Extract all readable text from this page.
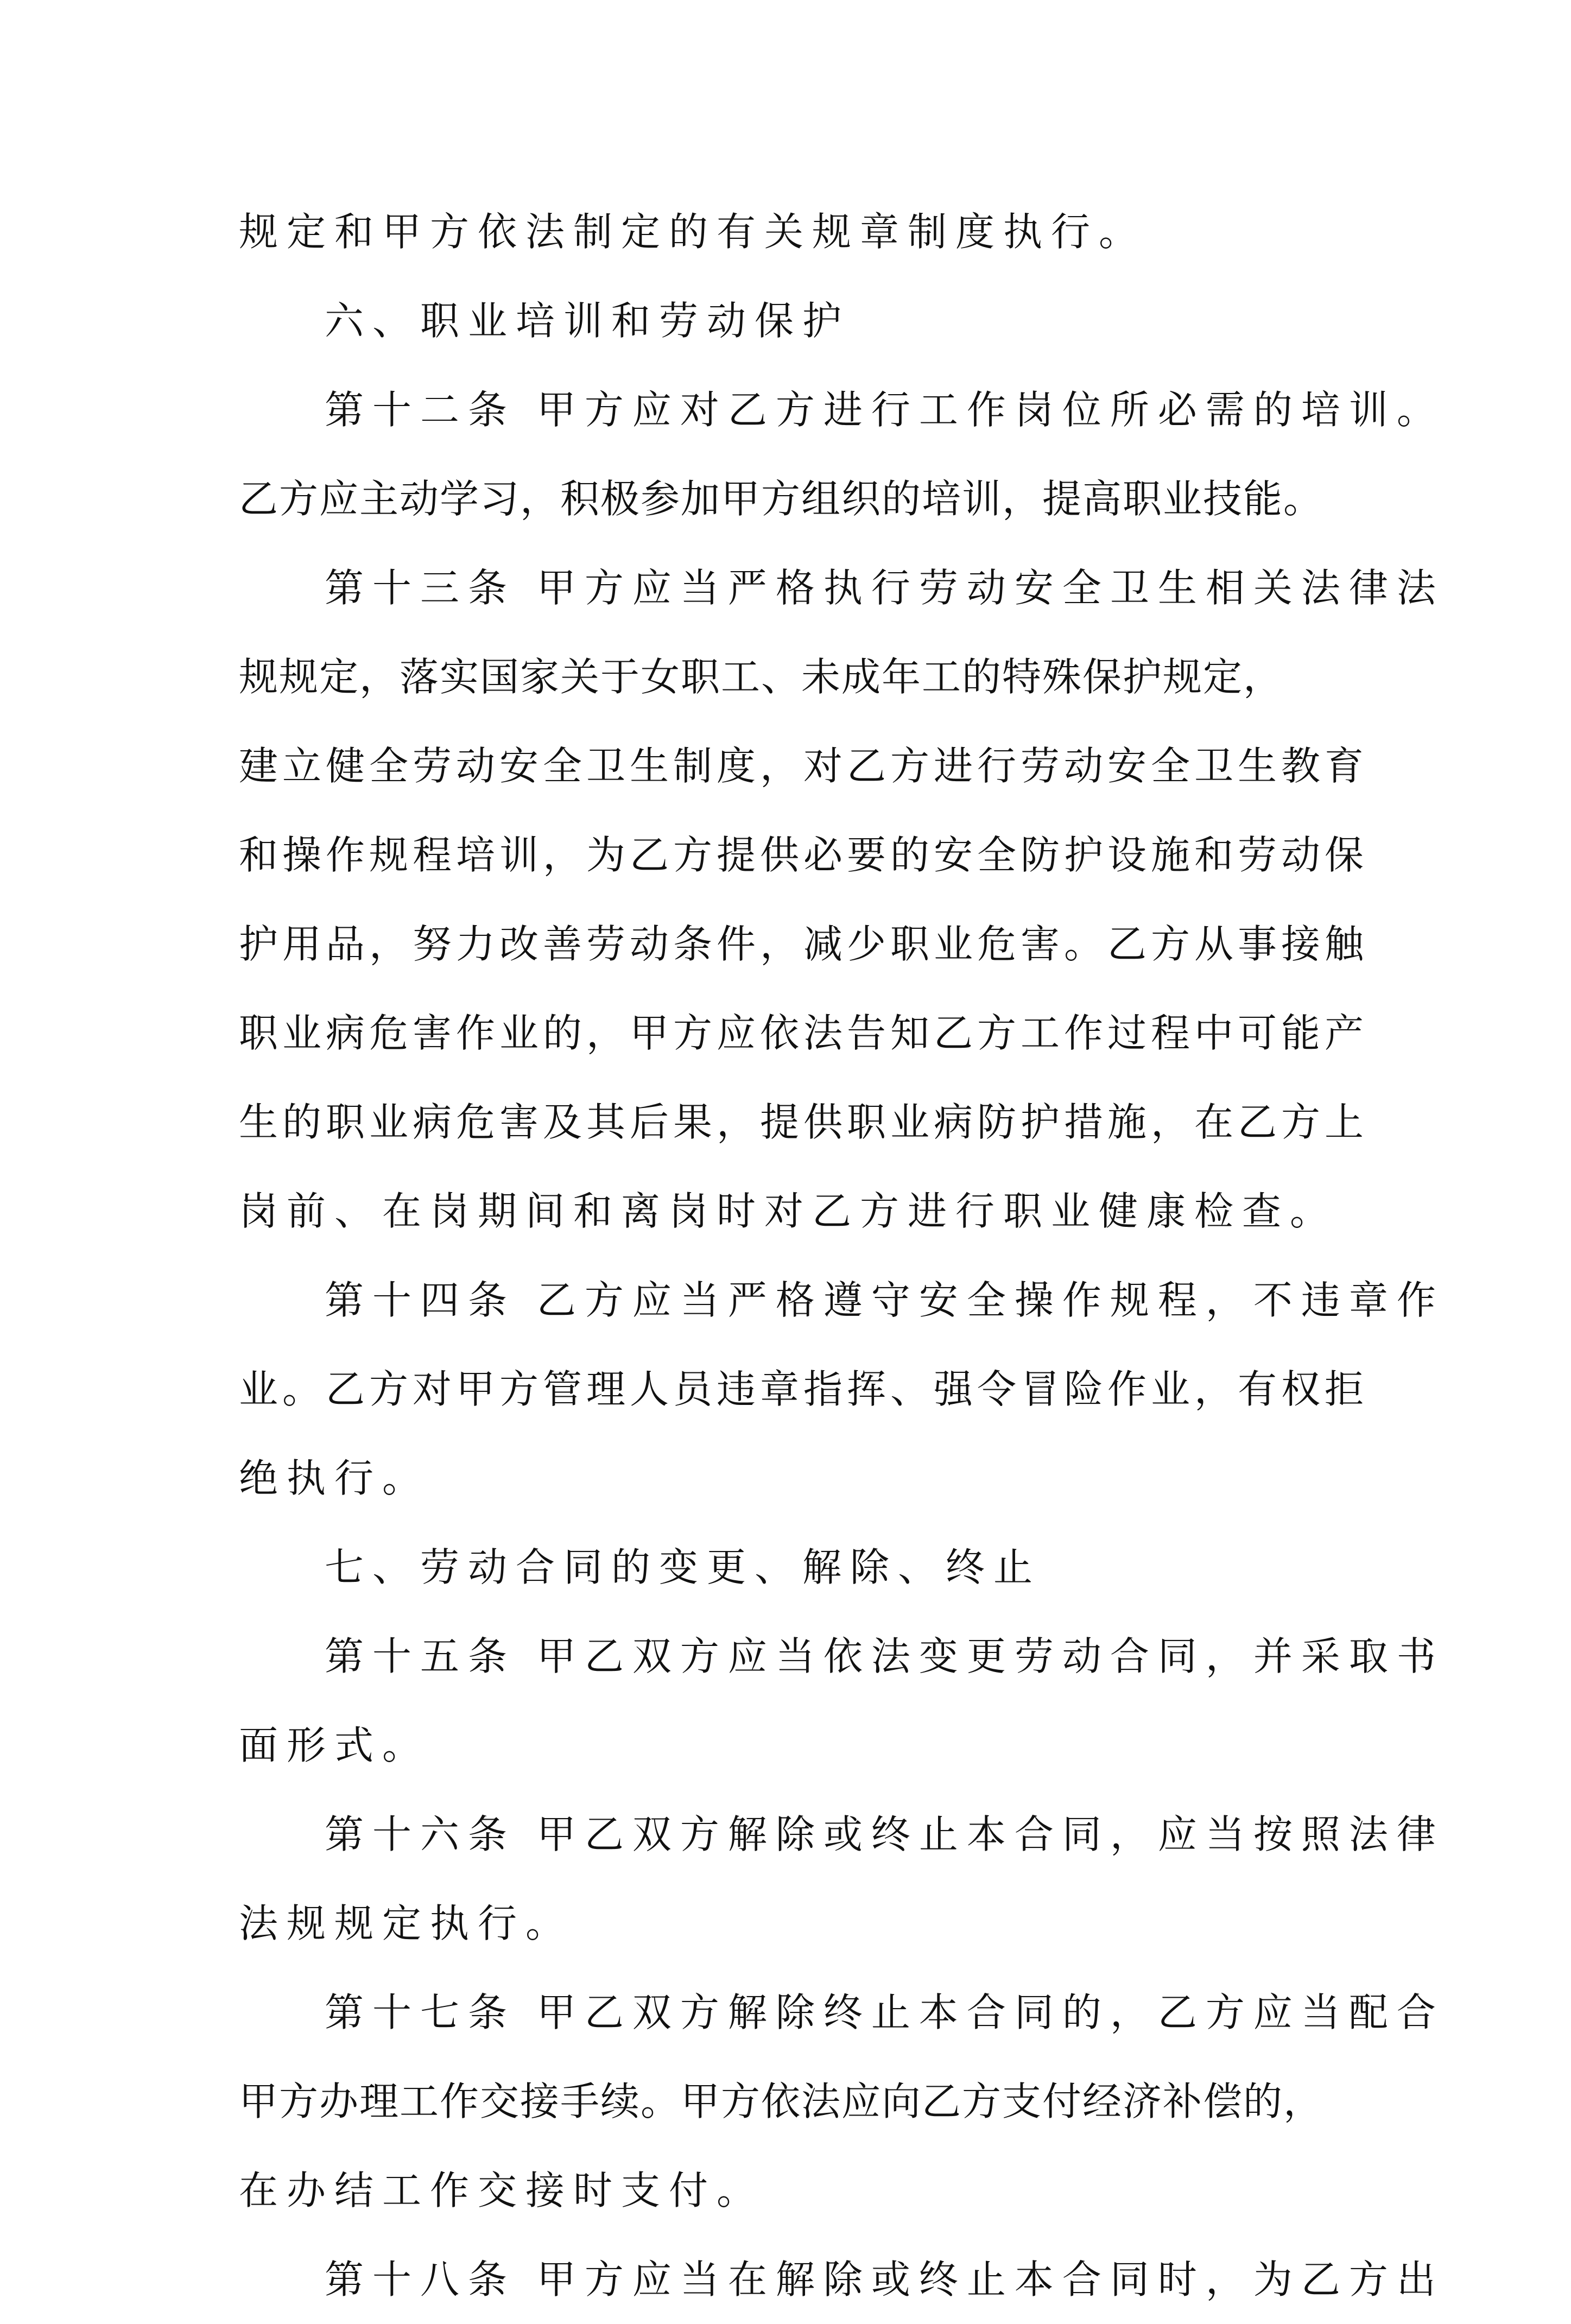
规定和甲方依法制定的有关规章制度执行。
六、职业培训和劳动保护
第十二条 甲方应对乙方进行工作岗位所必需的培训。
乙方应主动学习，积极参加甲方组织的培训，提高职业技能。
第十三条 甲方应当严格执行劳动安全卫生相关法律法
规规定，落实国家关于女职工、未成年工的特殊保护规定，
建立健全劳动安全卫生制度，对乙方进行劳动安全卫生教育
和操作规程培训，为乙方提供必要的安全防护设施和劳动保
护用品，努力改善劳动条件，减少职业危害。乙方从事接触
职业病危害作业的，甲方应依法告知乙方工作过程中可能产
生的职业病危害及其后果，提供职业病防护措施，在乙方上
岗前、在岗期间和离岗时对乙方进行职业健康检查。
第十四条 乙方应当严格遵守安全操作规程，不违章作
业。乙方对甲方管理人员违章指挥、强令冒险作业，有权拒
绝执行。
七、劳动合同的变更、解除、终止
第十五条 甲乙双方应当依法变更劳动合同，并采取书
面形式。
第十六条 甲乙双方解除或终止本合同，应当按照法律
法规规定执行。
第十七条 甲乙双方解除终止本合同的，乙方应当配合
甲方办理工作交接手续。甲方依法应向乙方支付经济补偿的，
在办结工作交接时支付。
第十八条 甲方应当在解除或终止本合同时，为乙方出
